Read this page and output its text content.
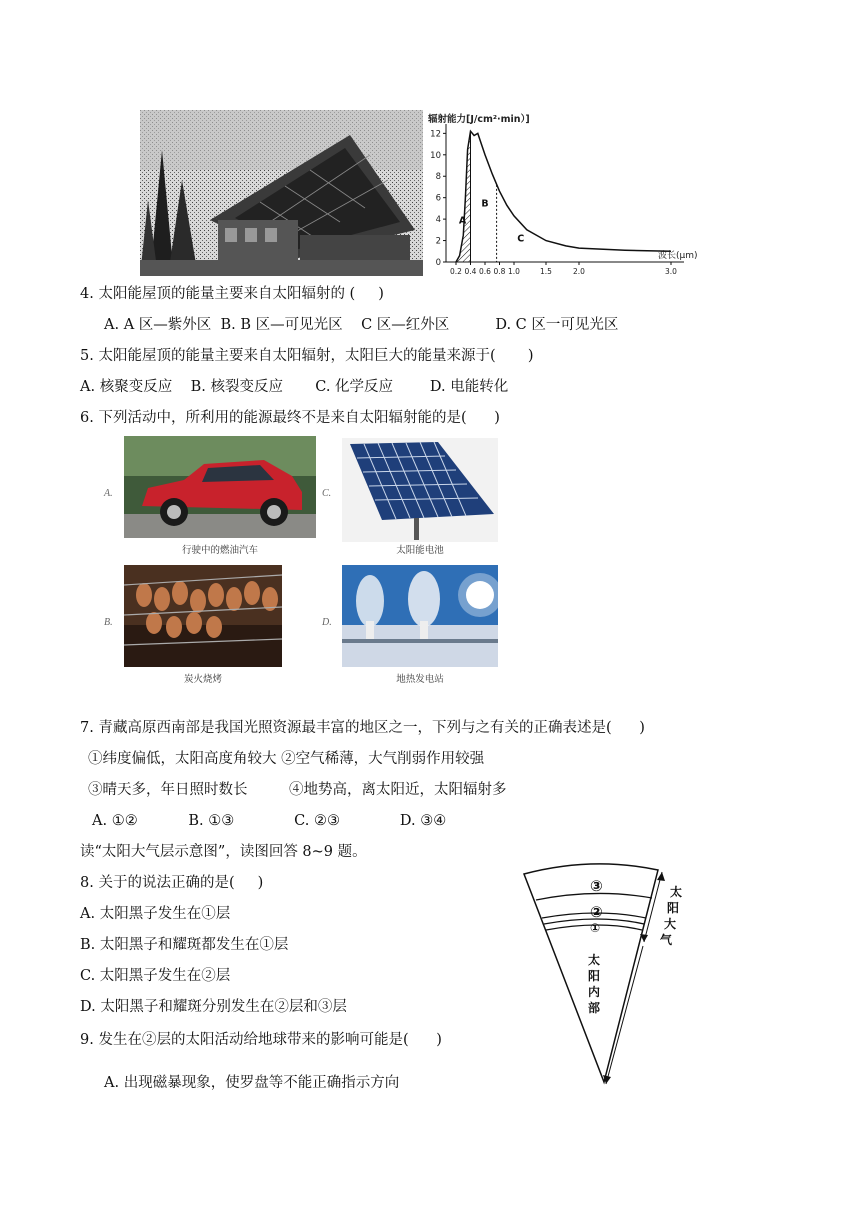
辐射能力[J/cm²·min）]
0
2
4
6
8
10
12
0.2 0.4 0.6 0.8 1.0	1.5	2.0	3.0
A
B
C
波长(μm)
4. 太阳能屋顶的能量主要来自太阳辐射的 (     )
A. A 区—紫外区  B. B 区—可见光区    C 区—红外区          D. C 区一可见光区
5. 太阳能屋顶的能量主要来自太阳辐射，太阳巨大的能量来源于(       )
A. 核聚变反应    B. 核裂变反应       C. 化学反应        D. 电能转化
6. 下列活动中，所利用的能源最终不是来自太阳辐射能的是(      )
A.
行驶中的燃油汽车
C.
太阳能电池
B.
炭火烧烤
D.
地热发电站
7. 青藏高原西南部是我国光照资源最丰富的地区之一，下列与之有关的正确表述是(      )
①纬度偏低，太阳高度角较大 ②空气稀薄，大气削弱作用较强
③晴天多，年日照时数长         ④地势高，离太阳近，太阳辐射多
A. ①②           B. ①③             C. ②③             D. ③④
读“太阳大气层示意图”，读图回答 8~9 题。
8. 关于的说法正确的是(     )
A. 太阳黑子发生在①层
B. 太阳黑子和耀斑都发生在①层
C. 太阳黑子发生在②层
D. 太阳黑子和耀斑分别发生在②层和③层
9. 发生在②层的太阳活动给地球带来的影响可能是(      )
A. 出现磁暴现象，使罗盘等不能正确指示方向
③
②
①
太
阳
大
气
太
阳
内
部
